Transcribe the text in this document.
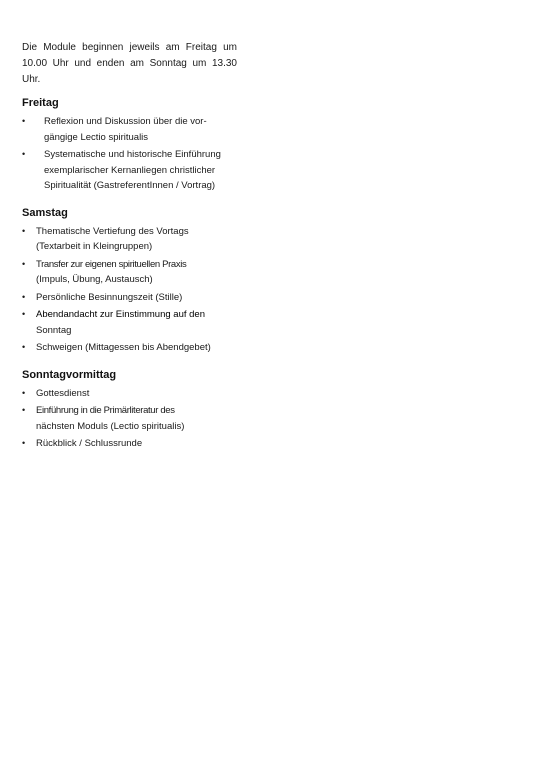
Die Module beginnen jeweils am Freitag um
10.00 Uhr und enden am Sonntag um 13.30 Uhr.

Freitag
• Reflexion und Diskussion über die vor-
gängige Lectio spiritualis
• Systematische und historische Einführung
exemplarischer Kernanliegen christlicher
Spiritualität (GastreferentInnen / Vortrag)
Samstag
• Thematische Vertiefung des Vortags
(Textarbeit in Kleingruppen)
• Transfer zur eigenen spirituellen Praxis
(Impuls, Übung, Austausch)
• Persönliche Besinnungszeit (Stille)
• Abendandacht zur Einstimmung auf den
Sonntag
• Schweigen (Mittagessen bis Abendgebet)
Sonntagvormittag
• Gottesdienst
• Einführung in die Primärliteratur des
nächsten Moduls (Lectio spiritualis)
• Rückblick / Schlussrunde
